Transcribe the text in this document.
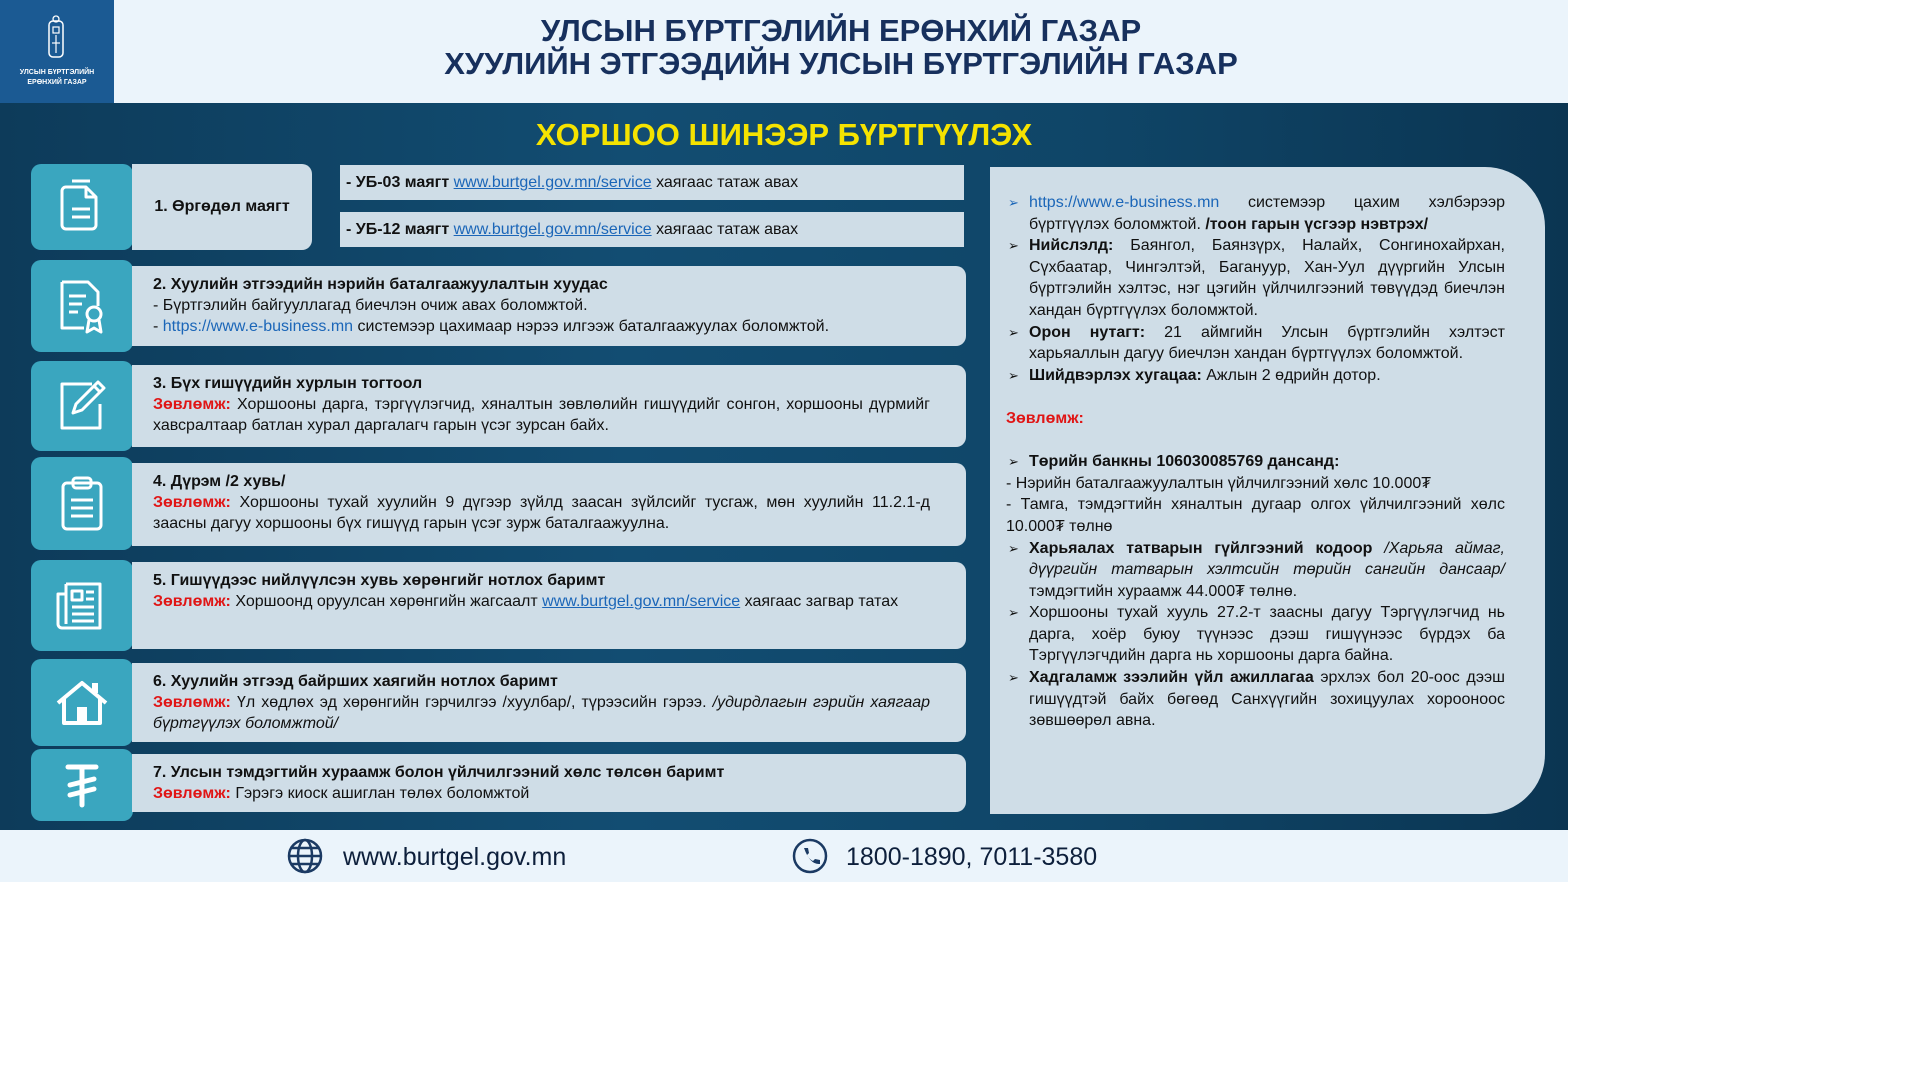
УЛСЫН БҮРТГЭЛИЙН
ЕРӨНХИЙ ГАЗАР
УЛСЫН БҮРТГЭЛИЙН ЕРӨНХИЙ ГАЗАР
ХУУЛИЙН ЭТГЭЭДИЙН УЛСЫН БҮРТГЭЛИЙН ГАЗАР
ХОРШОО ШИНЭЭР БҮРТГҮҮЛЭХ
1. Өргөдөл маягт
- УБ-03 маягт www.burtgel.gov.mn/service хаягаас татаж авах
- УБ-12 маягт www.burtgel.gov.mn/service хаягаас татаж авах
2. Хуулийн этгээдийн нэрийн баталгаажуулалтын хуудас
- Бүртгэлийн байгууллагад биечлэн очиж авах боломжтой.
- https://www.e-business.mn системээр цахимаар нэрээ илгээж баталгаажуулах боломжтой.
3. Бүх гишүүдийн хурлын тогтоол
Зөвлөмж: Хоршооны дарга, тэргүүлэгчид, хяналтын зөвлөлийн гишүүдийг сонгон, хоршооны дүрмийг хавсралтаар батлан хурал даргалагч гарын үсэг зурсан байх.
4. Дүрэм /2 хувь/
Зөвлөмж: Хоршооны тухай хуулийн 9 дүгээр зүйлд заасан зүйлсийг тусгаж, мөн хуулийн 11.2.1-д заасны дагуу хоршооны бүх гишүүд гарын үсэг зурж баталгаажуулна.
5. Гишүүдээс нийлүүлсэн хувь хөрөнгийг нотлох баримт
Зөвлөмж: Хоршоонд оруулсан хөрөнгийн жагсаалт www.burtgel.gov.mn/service хаягаас загвар татах
6. Хуулийн этгээд байрших хаягийн нотлох баримт
Зөвлөмж: Үл хөдлөх эд хөрөнгийн гэрчилгээ /хуулбар/, түрээсийн гэрээ. /удирдлагын гэрийн хаягаар бүртгүүлэх боломжтой/
7. Улсын тэмдэгтийн хураамж болон үйлчилгээний хөлс төлсөн баримт
Зөвлөмж: Гэрэгэ киоск ашиглан төлөх боломжтой
➢ https://www.e-business.mn системээр цахим хэлбэрээр бүртгүүлэх боломжтой. /тоон гарын үсгээр нэвтрэх/
➢ Нийслэлд: Баянгол, Баянзүрх, Налайх, Сонгинохайрхан, Сүхбаатар, Чингэлтэй, Багануур, Хан-Уул дүүргийн Улсын бүртгэлийн хэлтэс, нэг цэгийн үйлчилгээний төвүүдэд биечлэн хандан бүртгүүлэх боломжтой.
➢ Орон нутагт: 21 аймгийн Улсын бүртгэлийн хэлтэст харьяаллын дагуу биечлэн хандан бүртгүүлэх боломжтой.
➢ Шийдвэрлэх хугацаа: Ажлын 2 өдрийн дотор.
Зөвлөмж:
➢ Төрийн банкны 106030085769 дансанд:
- Нэрийн баталгаажуулалтын үйлчилгээний хөлс 10.000₮
- Тамга, тэмдэгтийн хяналтын дугаар олгох үйлчилгээний хөлс 10.000₮ төлнө
➢ Харьяалах татварын гүйлгээний кодоор /Харьяа аймаг, дүүргийн татварын хэлтсийн төрийн сангийн дансаар/ тэмдэгтийн хураамж 44.000₮ төлнө.
➢ Хоршооны тухай хууль 27.2-т заасны дагуу Тэргүүлэгчид нь дарга, хоёр буюу түүнээс дээш гишүүнээс бүрдэх ба Тэргүүлэгчдийн дарга нь хоршооны дарга байна.
➢ Хадгаламж зээлийн үйл ажиллагаа эрхлэх бол 20-оос дээш гишүүдтэй байх бөгөөд Санхүүгийн зохицуулах хорооноос зөвшөөрөл авна.
www.burtgel.gov.mn	1800-1890, 7011-3580
